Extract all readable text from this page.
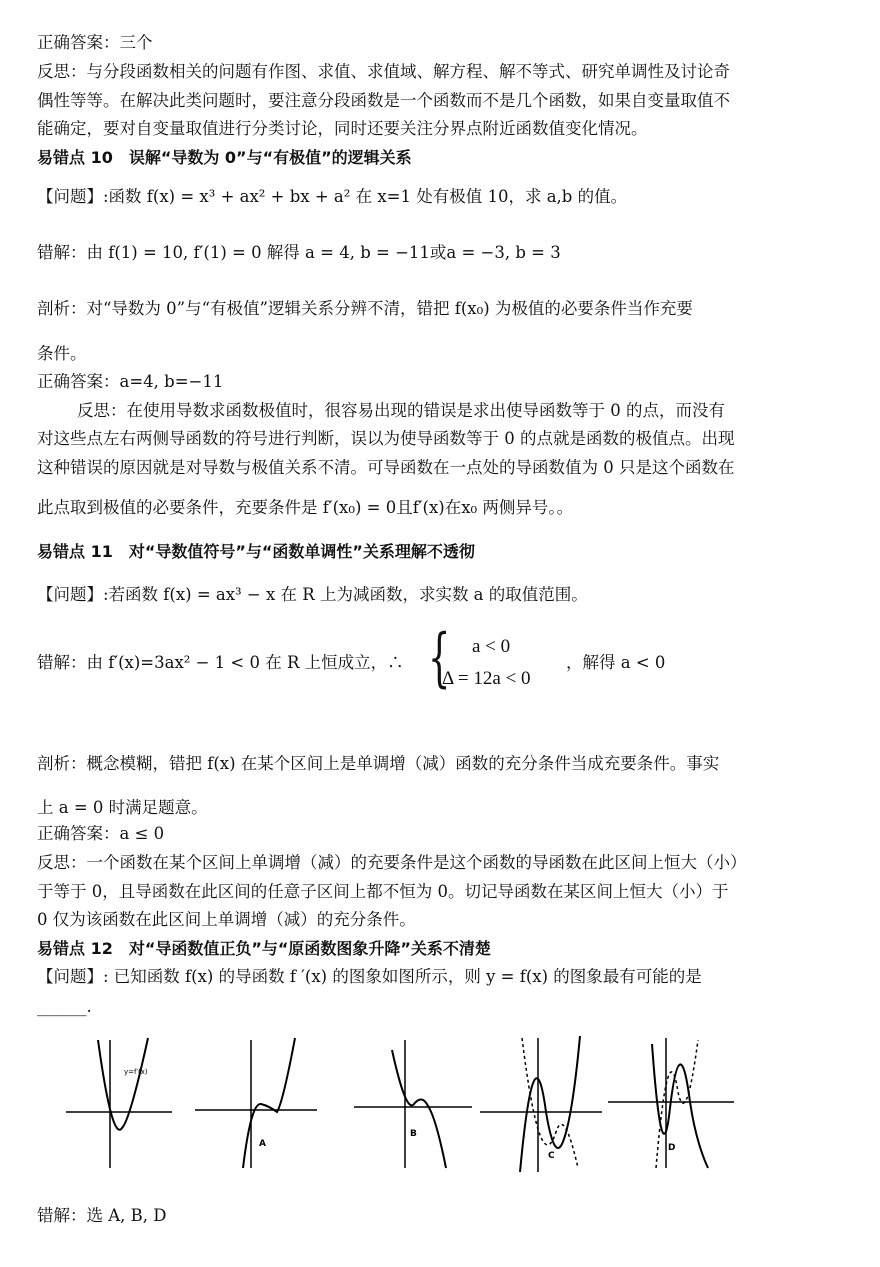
正确答案：三个
反思：与分段函数相关的问题有作图、求值、求值域、解方程、解不等式、研究单调性及讨论奇
偶性等等。在解决此类问题时，要注意分段函数是一个函数而不是几个函数，如果自变量取值不
能确定，要对自变量取值进行分类讨论，同时还要关注分界点附近函数值变化情况。
易错点 10　误解“导数为 0”与“有极值”的逻辑关系
【问题】:函数 f(x) = x³ + ax² + bx + a² 在 x=1 处有极值 10，求 a,b 的值。
错解：由 f(1) = 10, f′(1) = 0 解得 a = 4, b = −11或a = −3, b = 3
剖析：对“导数为 0”与“有极值”逻辑关系分辨不清，错把 f(x₀) 为极值的必要条件当作充要
条件。
正确答案：a=4, b=−11
反思：在使用导数求函数极值时，很容易出现的错误是求出使导函数等于 0 的点，而没有
对这些点左右两侧导函数的符号进行判断，误以为使导函数等于 0 的点就是函数的极值点。出现
这种错误的原因就是对导数与极值关系不清。可导函数在一点处的导函数值为 0 只是这个函数在
此点取到极值的必要条件，充要条件是 f′(x₀) = 0且f′(x)在x₀ 两侧异号。。
易错点 11　对“导数值符号”与“函数单调性”关系理解不透彻
【问题】:若函数 f(x) = ax³ − x 在 R 上为减函数，求实数 a 的取值范围。
错解：由 f′(x)=3ax² − 1 < 0 在 R 上恒成立，∴ { a < 0
Δ = 12a < 0
，解得 a < 0
剖析：概念模糊，错把 f(x) 在某个区间上是单调增（减）函数的充分条件当成充要条件。事实
上 a = 0 时满足题意。
正确答案：a ≤ 0
反思：一个函数在某个区间上单调增（减）的充要条件是这个函数的导函数在此区间上恒大（小）
于等于 0，且导函数在此区间的任意子区间上都不恒为 0。切记导函数在某区间上恒大（小）于
0 仅为该函数在此区间上单调增（减）的充分条件。
易错点 12　对“导函数值正负”与“原函数图象升降”关系不清楚
【问题】: 已知函数 f(x) 的导函数 f ′(x) 的图象如图所示，则 y = f(x) 的图象最有可能的是
______.
y=f′(x)
A
B
C
D
错解：选 A, B, D
